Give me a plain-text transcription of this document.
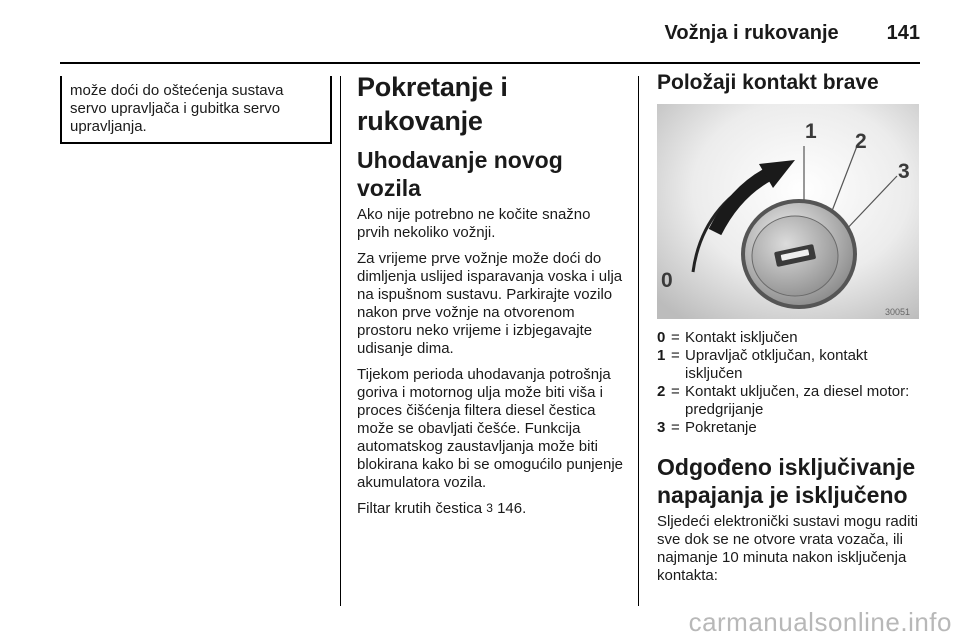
Vožnja i rukovanje 141
može doći do oštećenja sustava servo upravljača i gubitka servo upravljanja.
Pokretanje i rukovanje
Uhodavanje novog vozila

Ako nije potrebno ne kočite snažno prvih nekoliko vožnji.

Za vrijeme prve vožnje može doći do dimljenja uslijed isparavanja voska i ulja na ispušnom sustavu. Parkirajte vozilo nakon prve vožnje na otvorenom prostoru neko vrijeme i izbjegavajte udisanje dima.

Tijekom perioda uhodavanja potrošnja goriva i motornog ulja može biti viša i proces čišćenja filtera diesel čestica može se obavljati češće. Funkcija automatskog zaustavljanja može biti blokirana kako bi se omogućilo punjenje akumulatora vozila.

Filtar krutih čestica 3 146.

Položaji kontakt brave
1 2
3
0
30051
0 = Kontakt isključen
1 = Upravljač otključan, kontakt isključen
2 = Kontakt uključen, za diesel motor: predgrijanje
3 = Pokretanje
Odgođeno isključivanje napajanja je isključeno

Sljedeći elektronički sustavi mogu raditi sve dok se ne otvore vrata vozača, ili najmanje 10 minuta nakon isključenja kontakta:

carmanualsonline.info
